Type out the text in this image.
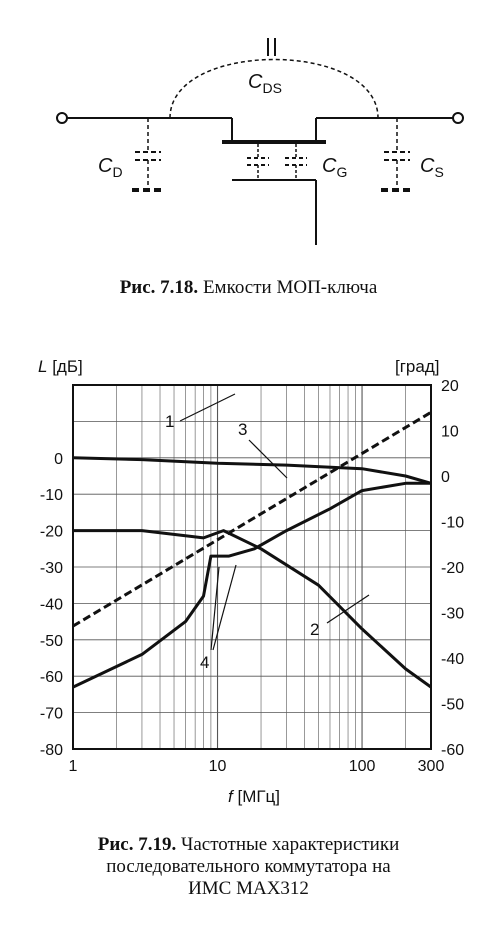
$C_{DS}$
$C_D$	$C_G$	$C_S$
Рис. 7.18. Емкости МОП-ключа
0
-10
-20
-30
-40
-50
-60
-70
-80
20
10
0
-10
-20
-30
-40
-50
-60
1	10	100	300
L [дБ]	[град]
f [МГц]
1	3
2
4
Рис. 7.19. Частотные характеристики
последовательного коммутатора на
ИМС MAX312
